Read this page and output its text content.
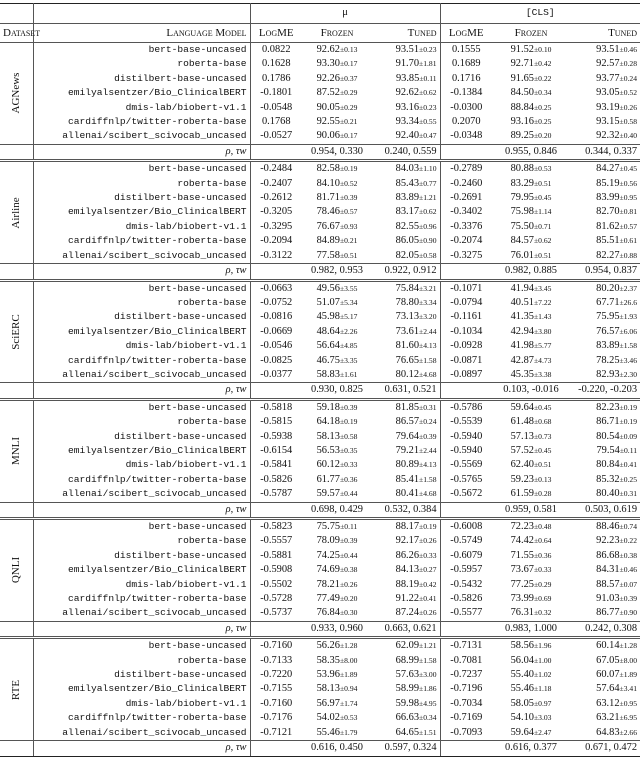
		μ			[CLS]		
Dataset	Language Model	LogME	Frozen	Tuned	LogME	Frozen	Tuned

AGNews	bert-base-uncased	0.0822	92.62±0.13	93.51±0.23	0.1555	91.52±0.10	93.51±0.46
	roberta-base	0.1628	93.30±0.17	91.70±1.81	0.1689	92.71±0.42	92.57±0.28
	distilbert-base-uncased	0.1786	92.26±0.37	93.85±0.11	0.1716	91.65±0.22	93.77±0.24
	emilyalsentzer/Bio_ClinicalBERT	-0.1801	87.52±0.29	92.62±0.62	-0.1384	84.50±0.34	93.05±0.52
	dmis-lab/biobert-v1.1	-0.0548	90.05±0.29	93.16±0.23	-0.0300	88.84±0.25	93.19±0.26
	cardiffnlp/twitter-roberta-base	0.1768	92.55±0.21	93.34±0.55	0.2070	93.16±0.25	93.15±0.58
	allenai/scibert_scivocab_uncased	-0.0527	90.06±0.17	92.40±0.47	-0.0348	89.25±0.20	92.32±0.40
	ρ, τw		0.954, 0.330	0.240, 0.559		0.955, 0.846	0.344, 0.337

Airline	bert-base-uncased	-0.2484	82.58±0.19	84.03±1.10	-0.2789	80.88±0.53	84.27±0.45
	roberta-base	-0.2407	84.10±0.52	85.43±0.77	-0.2460	83.29±0.51	85.19±0.56
	distilbert-base-uncased	-0.2612	81.71±0.39	83.89±1.21	-0.2691	79.95±0.45	83.99±0.95
	emilyalsentzer/Bio_ClinicalBERT	-0.3205	78.46±0.57	83.17±0.62	-0.3402	75.98±1.14	82.70±0.81
	dmis-lab/biobert-v1.1	-0.3295	76.67±0.93	82.55±0.96	-0.3376	75.50±0.71	81.62±0.57
	cardiffnlp/twitter-roberta-base	-0.2094	84.89±0.21	86.05±0.90	-0.2074	84.57±0.62	85.51±0.61
	allenai/scibert_scivocab_uncased	-0.3122	77.58±0.51	82.05±0.58	-0.3275	76.01±0.51	82.27±0.88
	ρ, τw		0.982, 0.953	0.922, 0.912		0.982, 0.885	0.954, 0.837

SciERC	bert-base-uncased	-0.0663	49.56±3.55	75.84±3.21	-0.1071	41.94±3.45	80.20±2.37
	roberta-base	-0.0752	51.07±5.34	78.80±3.34	-0.0794	40.51±7.22	67.71±26.6
	distilbert-base-uncased	-0.0816	45.98±5.17	73.13±3.20	-0.1161	41.35±1.43	75.95±1.93
	emilyalsentzer/Bio_ClinicalBERT	-0.0669	48.64±2.26	73.61±2.44	-0.1034	42.94±3.80	76.57±6.06
	dmis-lab/biobert-v1.1	-0.0546	56.64±4.85	81.60±4.13	-0.0928	41.98±5.77	83.89±1.58
	cardiffnlp/twitter-roberta-base	-0.0825	46.75±3.35	76.65±1.58	-0.0871	42.87±4.73	78.25±3.46
	allenai/scibert_scivocab_uncased	-0.0377	58.83±1.61	80.12±4.68	-0.0897	45.35±3.38	82.93±2.30
	ρ, τw		0.930, 0.825	0.631, 0.521		0.103, -0.016	-0.220, -0.203

MNLI	bert-base-uncased	-0.5818	59.18±0.39	81.85±0.31	-0.5786	59.64±0.45	82.23±0.19
	roberta-base	-0.5815	64.18±0.19	86.57±0.24	-0.5539	61.48±0.68	86.71±0.19
	distilbert-base-uncased	-0.5938	58.13±0.58	79.64±0.39	-0.5940	57.13±0.73	80.54±0.09
	emilyalsentzer/Bio_ClinicalBERT	-0.6154	56.53±0.35	79.21±2.44	-0.5940	57.52±0.45	79.54±0.11
	dmis-lab/biobert-v1.1	-0.5841	60.12±0.33	80.89±4.13	-0.5569	62.40±0.51	80.84±0.41
	cardiffnlp/twitter-roberta-base	-0.5826	61.77±0.36	85.41±1.58	-0.5765	59.23±0.13	85.32±0.25
	allenai/scibert_scivocab_uncased	-0.5787	59.57±0.44	80.41±4.68	-0.5672	61.59±0.28	80.40±0.31
	ρ, τw		0.698, 0.429	0.532, 0.384		0.959, 0.581	0.503, 0.619

QNLI	bert-base-uncased	-0.5823	75.75±0.11	88.17±0.19	-0.6008	72.23±0.48	88.46±0.74
	roberta-base	-0.5557	78.09±0.39	92.17±0.26	-0.5749	74.42±0.64	92.23±0.22
	distilbert-base-uncased	-0.5881	74.25±0.44	86.26±0.33	-0.6079	71.55±0.36	86.68±0.38
	emilyalsentzer/Bio_ClinicalBERT	-0.5908	74.69±0.38	84.13±0.27	-0.5957	73.67±0.33	84.31±0.46
	dmis-lab/biobert-v1.1	-0.5502	78.21±0.26	88.19±0.42	-0.5432	77.25±0.29	88.57±0.07
	cardiffnlp/twitter-roberta-base	-0.5728	77.49±0.20	91.22±0.41	-0.5826	73.99±0.69	91.03±0.39
	allenai/scibert_scivocab_uncased	-0.5737	76.84±0.30	87.24±0.26	-0.5577	76.31±0.32	86.77±0.90
	ρ, τw		0.933, 0.960	0.663, 0.621		0.983, 1.000	0.242, 0.308

RTE	bert-base-uncased	-0.7160	56.26±1.28	62.09±1.21	-0.7131	58.56±1.96	60.14±1.28
	roberta-base	-0.7133	58.35±8.00	68.99±1.58	-0.7081	56.04±1.00	67.05±8.00
	distilbert-base-uncased	-0.7220	53.96±1.89	57.63±3.00	-0.7237	55.40±1.02	60.07±1.89
	emilyalsentzer/Bio_ClinicalBERT	-0.7155	58.13±0.94	58.99±1.86	-0.7196	55.46±1.18	57.64±3.41
	dmis-lab/biobert-v1.1	-0.7160	56.97±1.74	59.98±4.95	-0.7034	58.05±0.97	63.12±0.95
	cardiffnlp/twitter-roberta-base	-0.7176	54.02±0.53	66.63±0.34	-0.7169	54.10±3.03	63.21±6.95
	allenai/scibert_scivocab_uncased	-0.7121	55.46±1.79	64.65±1.51	-0.7093	59.64±2.47	64.83±2.66
	ρ, τw		0.616, 0.450	0.597, 0.324		0.616, 0.377	0.671, 0.472
